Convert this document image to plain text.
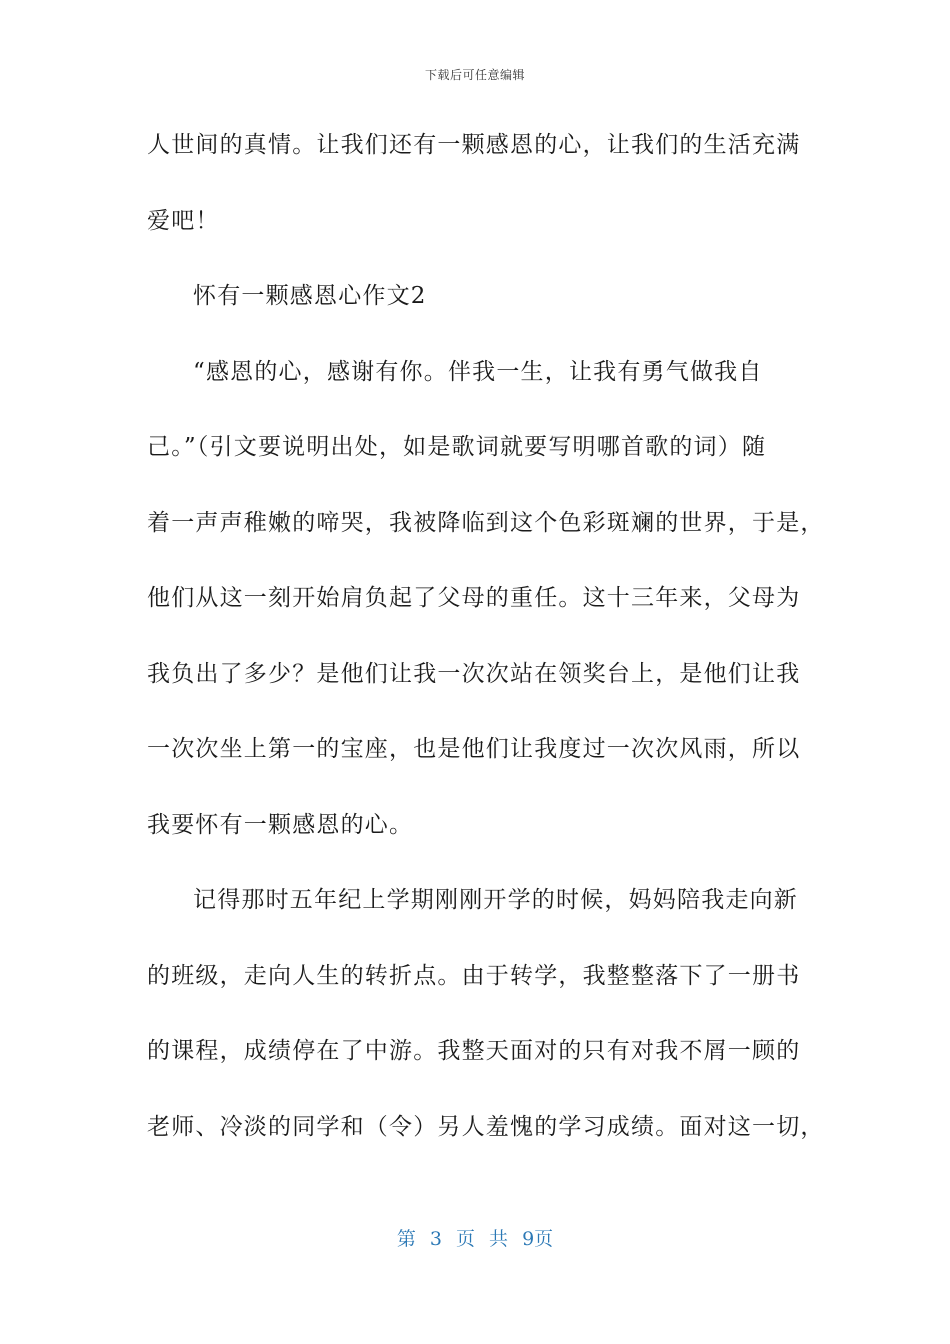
下载后可任意编辑
人世间的真情。让我们还有一颗感恩的心，让我们的生活充满
爱吧！
怀有一颗感恩心作文2
“感恩的心，感谢有你。伴我一生，让我有勇气做我自
己。”（引文要说明出处，如是歌词就要写明哪首歌的词）随
着一声声稚嫩的啼哭，我被降临到这个色彩斑斓的世界，于是，
他们从这一刻开始肩负起了父母的重任。这十三年来，父母为
我负出了多少？是他们让我一次次站在领奖台上，是他们让我
一次次坐上第一的宝座，也是他们让我度过一次次风雨，所以
我要怀有一颗感恩的心。
记得那时五年纪上学期刚刚开学的时候，妈妈陪我走向新
的班级，走向人生的转折点。由于转学，我整整落下了一册书
的课程，成绩停在了中游。我整天面对的只有对我不屑一顾的
老师、冷淡的同学和（令）另人羞愧的学习成绩。面对这一切，
第 3 页 共 9页
